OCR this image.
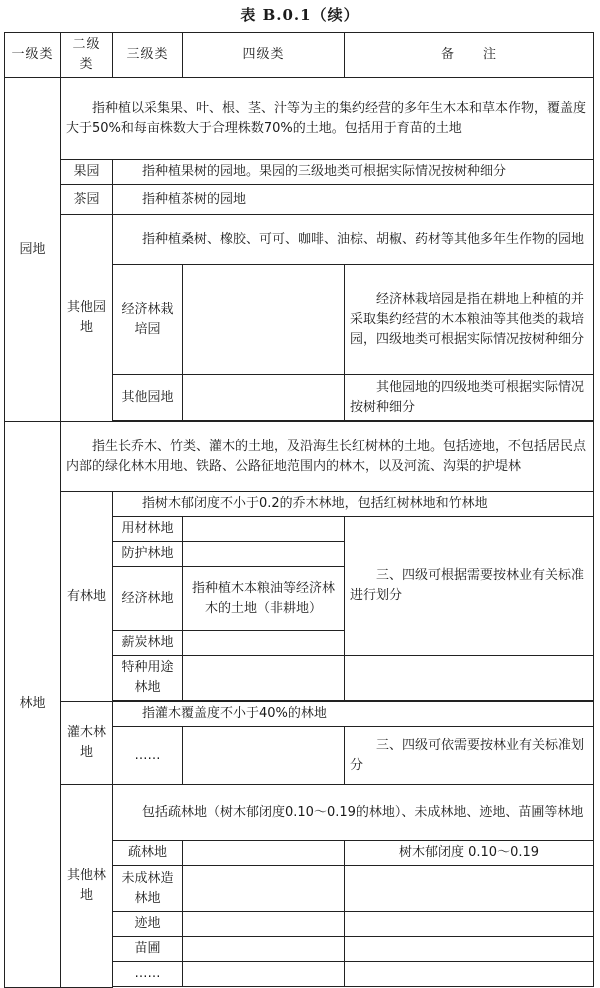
表 B.0.1（续）
一级类	二级类	三级类	四级类	备　　注
园地	指种植以采集果、叶、根、茎、汁等为主的集约经营的多年生木本和草本作物，覆盖度大于50%和每亩株数大于合理株数70%的土地。包括用于育苗的土地			
	果园	指种植果树的园地。果园的三级地类可根据实际情况按树种细分		
	茶园	指种植茶树的园地		
	其他园地	指种植桑树、橡胶、可可、咖啡、油棕、胡椒、药材等其他多年生作物的园地		
		经济林栽培园		经济林栽培园是指在耕地上种植的并采取集约经营的木本粮油等其他类的栽培园，四级地类可根据实际情况按树种细分
		其他园地		其他园地的四级地类可根据实际情况按树种细分

林地	指生长乔木、竹类、灌木的土地，及沿海生长红树林的土地。包括迹地，不包括居民点内部的绿化林木用地、铁路、公路征地范围内的林木，以及河流、沟渠的护堤林			
	有林地	指树木郁闭度不小于0.2的乔木林地，包括红树林地和竹林地		
		用材林地		三、四级可根据需要按林业有关标准进行划分
		防护林地		
		经济林地	指种植木本粮油等经济林木的土地（非耕地）	
		薪炭林地		
		特种用途林地		

	灌木林地	指灌木覆盖度不小于40%的林地		
		……		三、四级可依需要按林业有关标准划分
	其他林地	包括疏林地（树木郁闭度0.10～0.19的林地）、未成林地、迹地、苗圃等林地		
		疏林地		树木郁闭度 0.10～0.19
		未成林造林地		
		迹地		
		苗圃		
		……		
